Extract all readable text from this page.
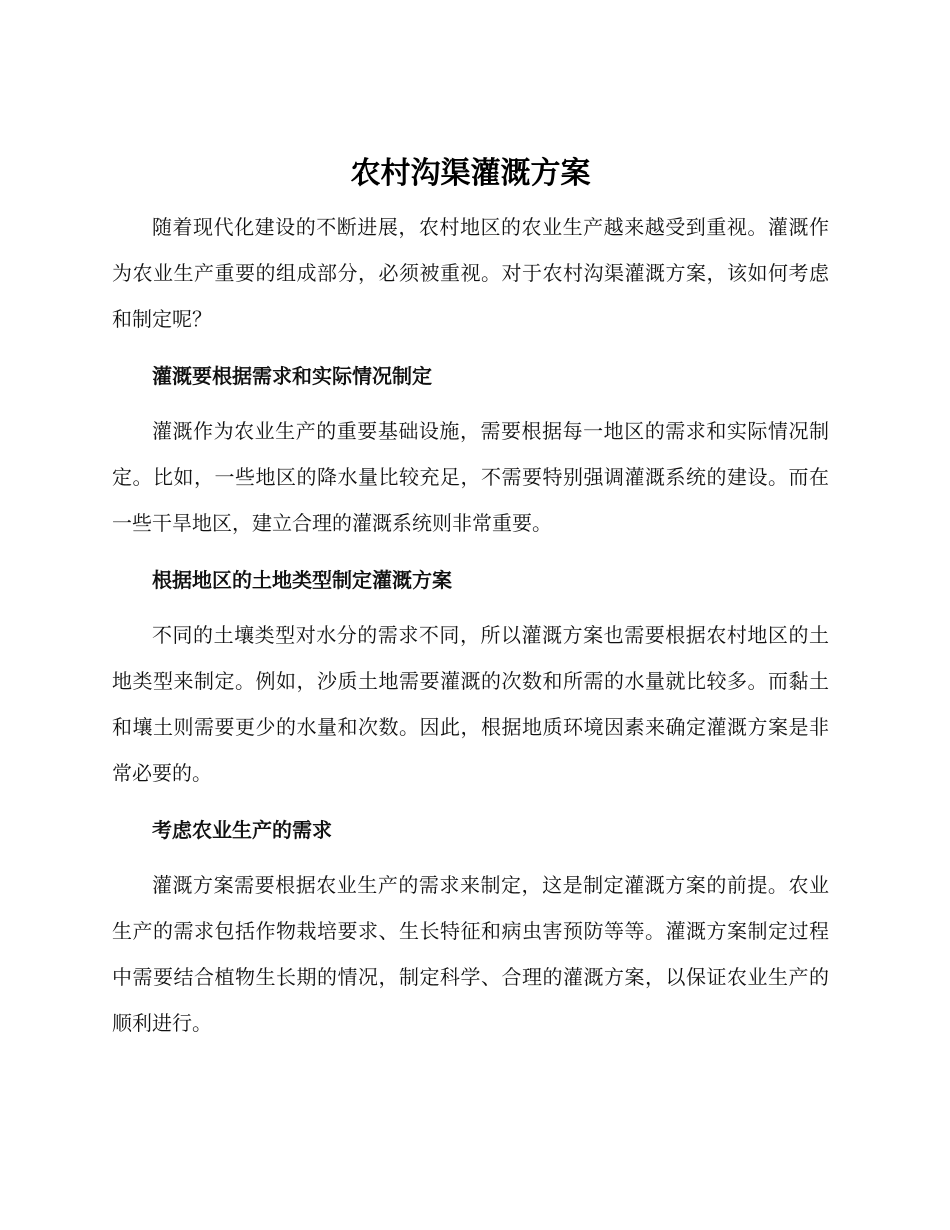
农村沟渠灌溉方案

随着现代化建设的不断进展，农村地区的农业生产越来越受到重视。灌溉作为农业生产重要的组成部分，必须被重视。对于农村沟渠灌溉方案，该如何考虑和制定呢？

灌溉要根据需求和实际情况制定

灌溉作为农业生产的重要基础设施，需要根据每一地区的需求和实际情况制定。比如，一些地区的降水量比较充足，不需要特别强调灌溉系统的建设。而在一些干旱地区，建立合理的灌溉系统则非常重要。

根据地区的土地类型制定灌溉方案

不同的土壤类型对水分的需求不同，所以灌溉方案也需要根据农村地区的土地类型来制定。例如，沙质土地需要灌溉的次数和所需的水量就比较多。而黏土和壤土则需要更少的水量和次数。因此，根据地质环境因素来确定灌溉方案是非常必要的。

考虑农业生产的需求

灌溉方案需要根据农业生产的需求来制定，这是制定灌溉方案的前提。农业生产的需求包括作物栽培要求、生长特征和病虫害预防等等。灌溉方案制定过程中需要结合植物生长期的情况，制定科学、合理的灌溉方案，以保证农业生产的顺利进行。
